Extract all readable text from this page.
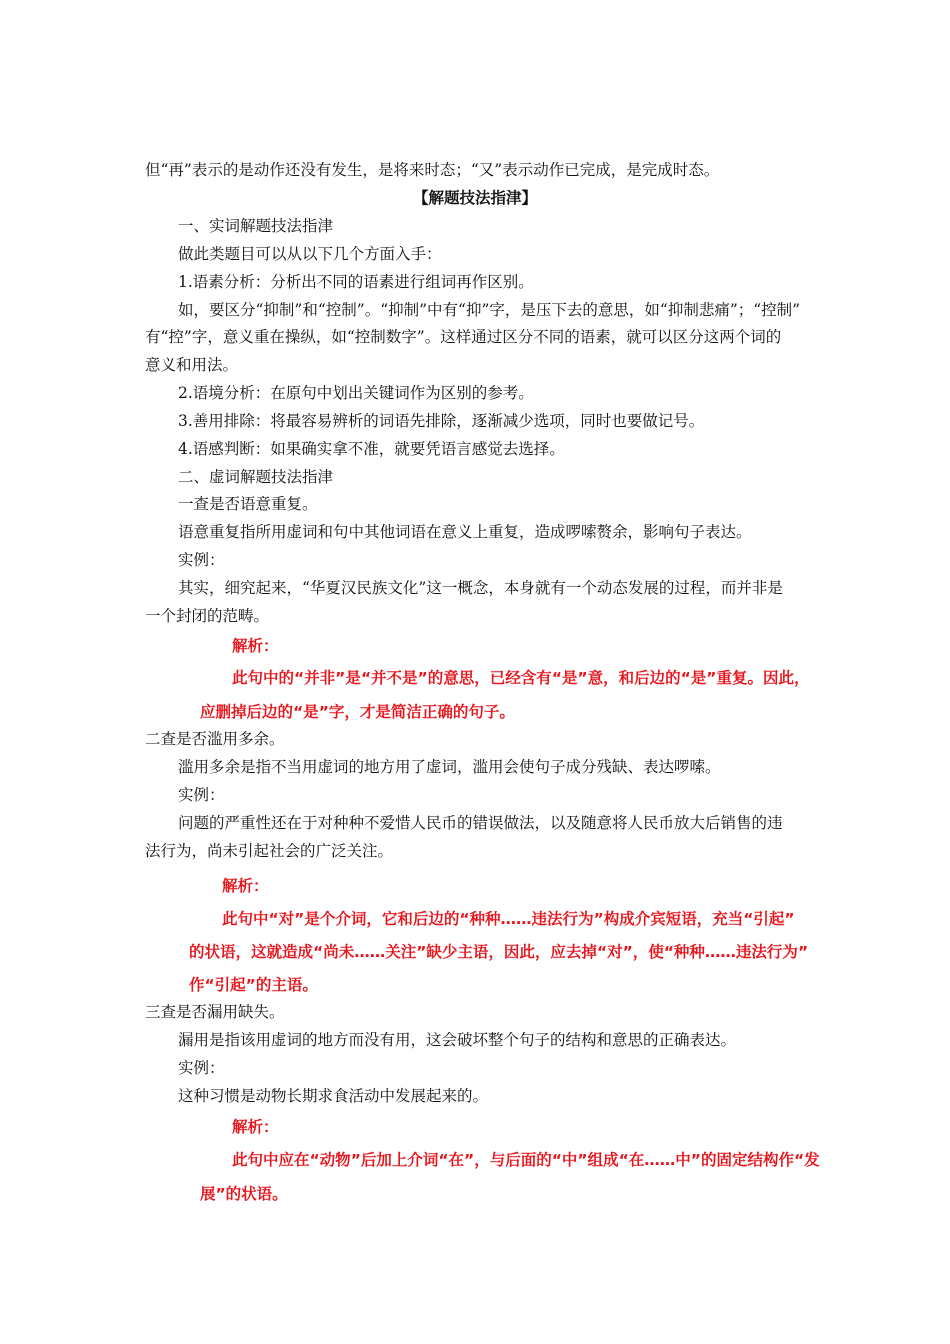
但“再”表示的是动作还没有发生，是将来时态；“又”表示动作已完成，是完成时态。
【解题技法指津】
一、实词解题技法指津
做此类题目可以从以下几个方面入手：
1.语素分析：分析出不同的语素进行组词再作区别。
如，要区分“抑制”和“控制”。“抑制”中有“抑”字，是压下去的意思，如“抑制悲痛”；“控制”
有“控”字，意义重在操纵，如“控制数字”。这样通过区分不同的语素，就可以区分这两个词的
意义和用法。
2.语境分析：在原句中划出关键词作为区别的参考。
3.善用排除：将最容易辨析的词语先排除，逐渐减少选项，同时也要做记号。
4.语感判断：如果确实拿不准，就要凭语言感觉去选择。
二、虚词解题技法指津
一查是否语意重复。
语意重复指所用虚词和句中其他词语在意义上重复，造成啰嗦赘余，影响句子表达。
实例：
其实，细究起来，“华夏汉民族文化”这一概念，本身就有一个动态发展的过程，而并非是
一个封闭的范畴。
解析：
此句中的“并非”是“并不是”的意思，已经含有“是”意，和后边的“是”重复。因此，
应删掉后边的“是”字，才是简洁正确的句子。
二查是否滥用多余。
滥用多余是指不当用虚词的地方用了虚词，滥用会使句子成分残缺、表达啰嗦。
实例：
问题的严重性还在于对种种不爱惜人民币的错误做法，以及随意将人民币放大后销售的违
法行为，尚未引起社会的广泛关注。
解析：
此句中“对”是个介词，它和后边的“种种……违法行为”构成介宾短语，充当“引起”
的状语，这就造成“尚未……关注”缺少主语，因此，应去掉“对”，使“种种……违法行为”
作“引起”的主语。
三查是否漏用缺失。
漏用是指该用虚词的地方而没有用，这会破坏整个句子的结构和意思的正确表达。
实例：
这种习惯是动物长期求食活动中发展起来的。
解析：
此句中应在“动物”后加上介词“在”，与后面的“中”组成“在……中”的固定结构作“发
展”的状语。
